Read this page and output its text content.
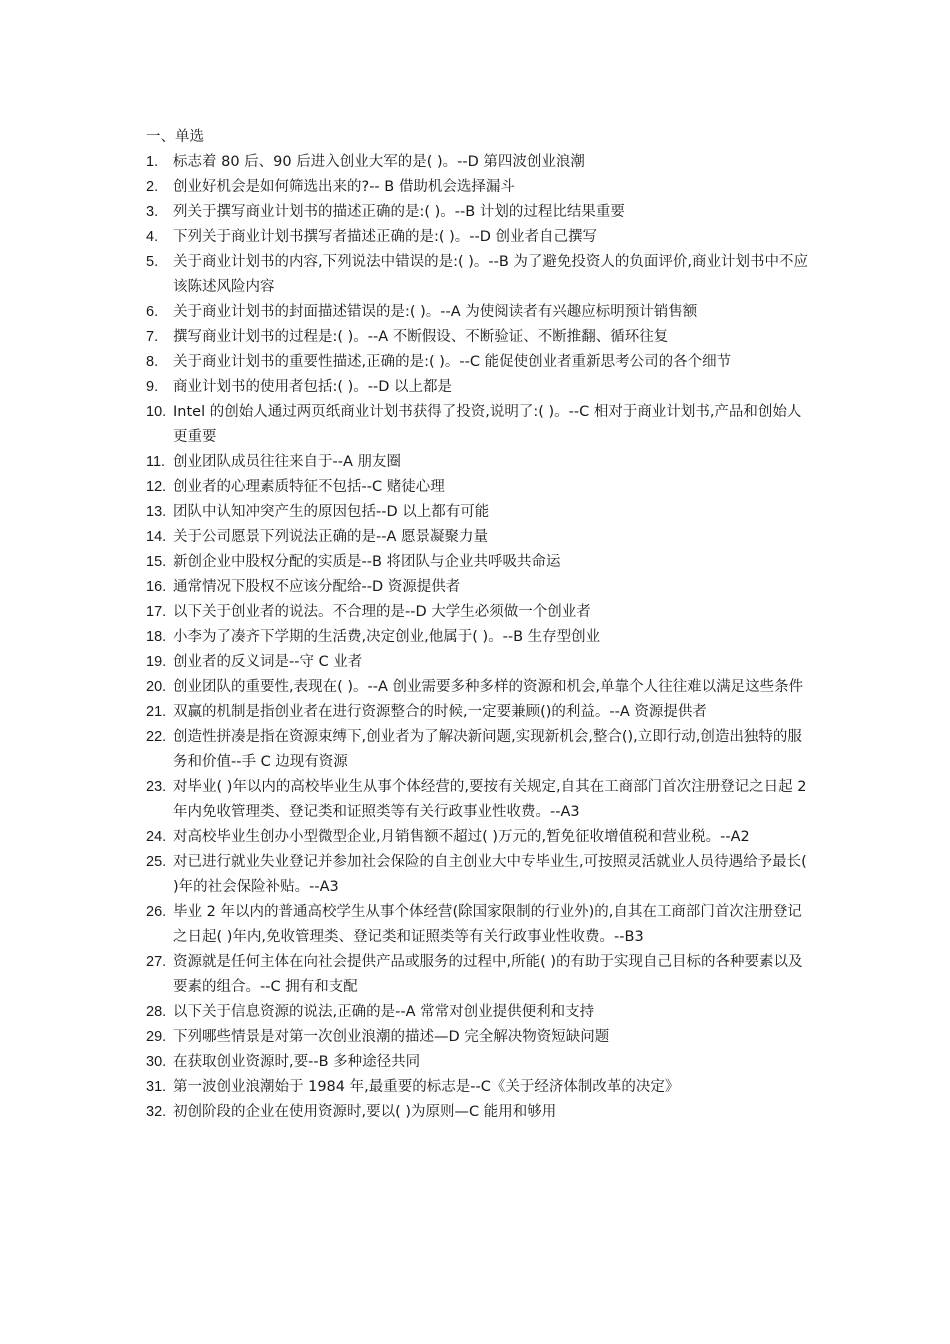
一、单选
1. 标志着 80 后、90 后进入创业大军的是( )。--D 第四波创业浪潮
2. 创业好机会是如何筛选出来的?-- B 借助机会选择漏斗
3. 列关于撰写商业计划书的描述正确的是:( )。--B 计划的过程比结果重要
4. 下列关于商业计划书撰写者描述正确的是:( )。--D 创业者自己撰写
5. 关于商业计划书的内容,下列说法中错误的是:( )。--B 为了避免投资人的负面评价,商业计划书中不应该陈述风险内容
6. 关于商业计划书的封面描述错误的是:( )。--A 为使阅读者有兴趣应标明预计销售额
7. 撰写商业计划书的过程是:( )。--A 不断假设、不断验证、不断推翻、循环往复
8. 关于商业计划书的重要性描述,正确的是:( )。--C 能促使创业者重新思考公司的各个细节
9. 商业计划书的使用者包括:( )。--D 以上都是
10. Intel 的创始人通过两页纸商业计划书获得了投资,说明了:( )。--C 相对于商业计划书,产品和创始人更重要
11. 创业团队成员往往来自于--A 朋友圈
12. 创业者的心理素质特征不包括--C 赌徒心理
13. 团队中认知冲突产生的原因包括--D 以上都有可能
14. 关于公司愿景下列说法正确的是--A 愿景凝聚力量
15. 新创企业中股权分配的实质是--B 将团队与企业共呼吸共命运
16. 通常情况下股权不应该分配给--D 资源提供者
17. 以下关于创业者的说法。不合理的是--D 大学生必须做一个创业者
18. 小李为了凑齐下学期的生活费,决定创业,他属于( )。--B 生存型创业
19. 创业者的反义词是--守 C 业者
20. 创业团队的重要性,表现在( )。--A 创业需要多种多样的资源和机会,单靠个人往往难以满足这些条件
21. 双赢的机制是指创业者在进行资源整合的时候,一定要兼顾()的利益。--A 资源提供者
22. 创造性拼凑是指在资源束缚下,创业者为了解决新问题,实现新机会,整合(),立即行动,创造出独特的服务和价值--手 C 边现有资源
23. 对毕业( )年以内的高校毕业生从事个体经营的,要按有关规定,自其在工商部门首次注册登记之日起 2 年内免收管理类、登记类和证照类等有关行政事业性收费。--A3
24. 对高校毕业生创办小型微型企业,月销售额不超过( )万元的,暂免征收增值税和营业税。--A2
25. 对已进行就业失业登记并参加社会保险的自主创业大中专毕业生,可按照灵活就业人员待遇给予最长( )年的社会保险补贴。--A3
26. 毕业 2 年以内的普通高校学生从事个体经营(除国家限制的行业外)的,自其在工商部门首次注册登记之日起( )年内,免收管理类、登记类和证照类等有关行政事业性收费。--B3
27. 资源就是任何主体在向社会提供产品或服务的过程中,所能( )的有助于实现自己目标的各种要素以及要素的组合。--C 拥有和支配
28. 以下关于信息资源的说法,正确的是--A 常常对创业提供便利和支持
29. 下列哪些情景是对第一次创业浪潮的描述—D 完全解决物资短缺问题
30. 在获取创业资源时,要--B 多种途径共同
31. 第一波创业浪潮始于 1984 年,最重要的标志是--C《关于经济体制改革的决定》
32. 初创阶段的企业在使用资源时,要以( )为原则—C 能用和够用
